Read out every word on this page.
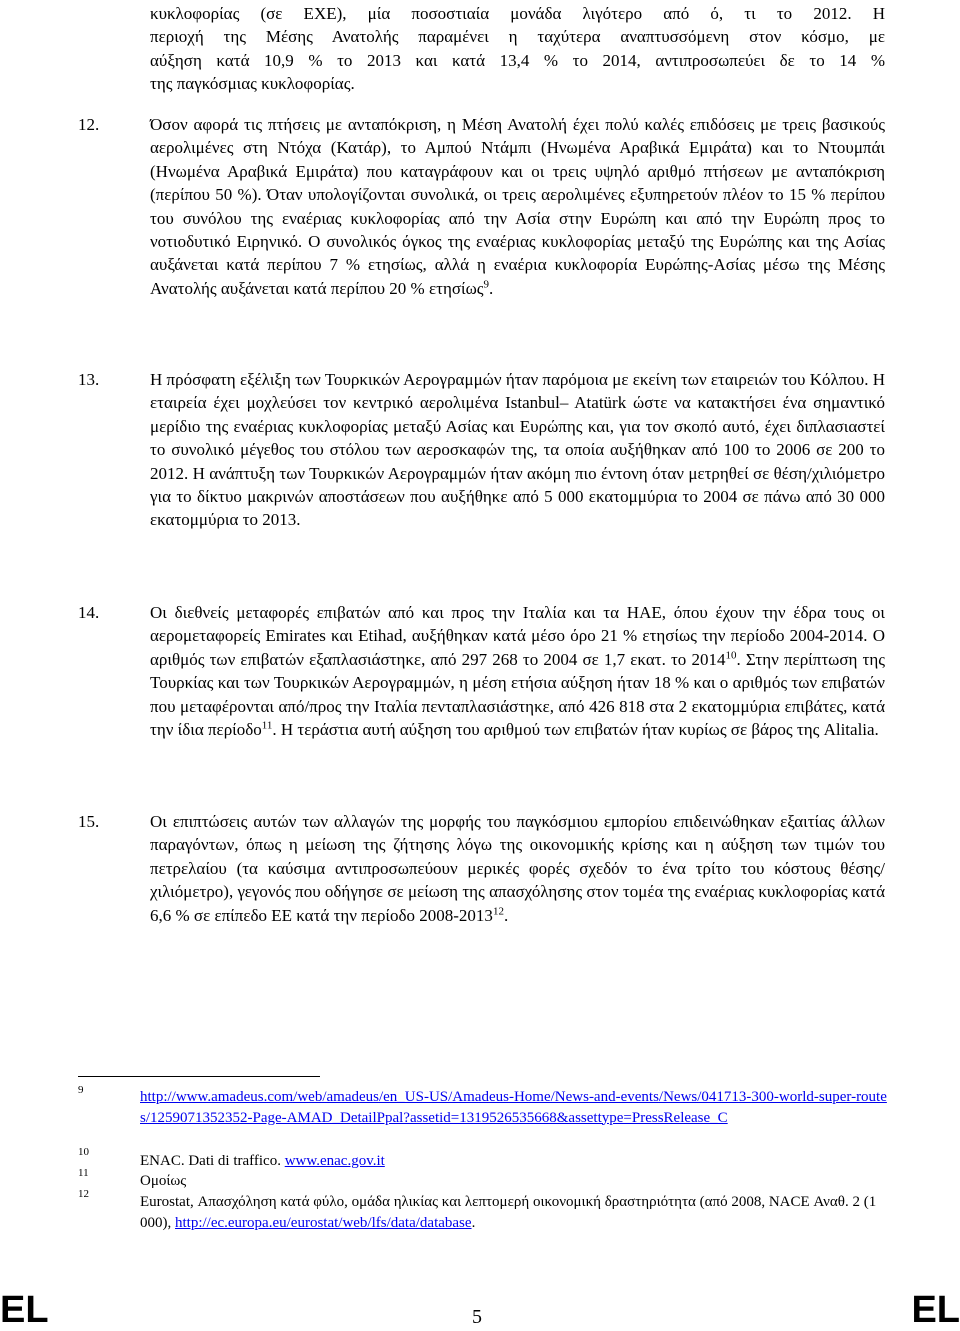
κυκλοφορίας (σε ΕΧΕ), μία ποσοστιαία μονάδα λιγότερο από ό, τι το 2012. Η
περιοχή της Μέσης Ανατολής παραμένει η ταχύτερα αναπτυσσόμενη στον κόσμο, με
αύξηση κατά 10,9 % το 2013 και κατά 13,4 % το 2014, αντιπροσωπεύει δε το 14 %
της παγκόσμιας κυκλοφορίας.
12.	Όσον αφορά τις πτήσεις με ανταπόκριση, η Μέση Ανατολή έχει πολύ καλές επιδόσεις με τρεις βασικούς αερολιμένες στη Ντόχα (Κατάρ), το Αμπού Ντάμπι (Ηνωμένα Αραβικά Εμιράτα) και το Ντουμπάι (Ηνωμένα Αραβικά Εμιράτα) που καταγράφουν και οι τρεις υψηλό αριθμό πτήσεων με ανταπόκριση (περίπου 50 %). Όταν υπολογίζονται συνολικά, οι τρεις αερολιμένες εξυπηρετούν πλέον το 15 % περίπου του συνόλου της εναέριας κυκλοφορίας από την Ασία στην Ευρώπη και από την Ευρώπη προς το νοτιοδυτικό Ειρηνικό. Ο συνολικός όγκος της εναέριας κυκλοφορίας μεταξύ της Ευρώπης και της Ασίας αυξάνεται κατά περίπου 7 % ετησίως, αλλά η εναέρια κυκλοφορία Ευρώπης-Ασίας μέσω της Μέσης Ανατολής αυξάνεται κατά περίπου 20 % ετησίως$^9$.

13.	Η πρόσφατη εξέλιξη των Τουρκικών Αερογραμμών ήταν παρόμοια με εκείνη των εταιρειών του Κόλπου. Η εταιρεία έχει μοχλεύσει τον κεντρικό αερολιμένα Istanbul– Atatürk ώστε να κατακτήσει ένα σημαντικό μερίδιο της εναέριας κυκλοφορίας μεταξύ Ασίας και Ευρώπης και, για τον σκοπό αυτό, έχει διπλασιαστεί το συνολικό μέγεθος του στόλου των αεροσκαφών της, τα οποία αυξήθηκαν από 100 το 2006 σε 200 το 2012. Η ανάπτυξη των Τουρκικών Αερογραμμών ήταν ακόμη πιο έντονη όταν μετρηθεί σε θέση/χιλιόμετρο για το δίκτυο μακρινών αποστάσεων που αυξήθηκε από 5 000 εκατομμύρια το 2004 σε πάνω από 30 000 εκατομμύρια το 2013.

14.	Οι διεθνείς μεταφορές επιβατών από και προς την Ιταλία και τα ΗΑΕ, όπου έχουν την έδρα τους οι αερομεταφορείς Emirates και Etihad, αυξήθηκαν κατά μέσο όρο 21 % ετησίως την περίοδο 2004-2014. Ο αριθμός των επιβατών εξαπλασιάστηκε, από 297 268 το 2004 σε 1,7 εκατ. το 2014$^{10}$. Στην περίπτωση της Τουρκίας και των Τουρκικών Αερογραμμών, η μέση ετήσια αύξηση ήταν 18 % και ο αριθμός των επιβατών που μεταφέρονται από/προς την Ιταλία πενταπλασιάστηκε, από 426 818 στα 2 εκατομμύρια επιβάτες, κατά την ίδια περίοδο$^{11}$. Η τεράστια αυτή αύξηση του αριθμού των επιβατών ήταν κυρίως σε βάρος της Alitalia.

15.	Οι επιπτώσεις αυτών των αλλαγών της μορφής του παγκόσμιου εμπορίου επιδεινώθηκαν εξαιτίας άλλων παραγόντων, όπως η μείωση της ζήτησης λόγω της οικονομικής κρίσης και η αύξηση των τιμών του πετρελαίου (τα καύσιμα αντιπροσωπεύουν μερικές φορές σχεδόν το ένα τρίτο του κόστους θέσης/χιλιόμετρο), γεγονός που οδήγησε σε μείωση της απασχόλησης στον τομέα της εναέριας κυκλοφορίας κατά 6,6 % σε επίπεδο ΕΕ κατά την περίοδο 2008-2013$^{12}$.

9	http://www.amadeus.com/web/amadeus/en_US-US/Amadeus-Home/News-and-events/News/041713-300-world-super-routes/1259071352352-Page-AMAD_DetailPpal?assetid=1319526535668&assettype=PressRelease_C
10
ENAC. Dati di traffico. www.enac.gov.it
11	Ομοίως
12	Eurostat, Απασχόληση κατά φύλο, ομάδα ηλικίας και λεπτομερή οικονομική δραστηριότητα (από 2008, NACE Αναθ. 2 (1 000), http://ec.europa.eu/eurostat/web/lfs/data/database.
EL	5	EL
